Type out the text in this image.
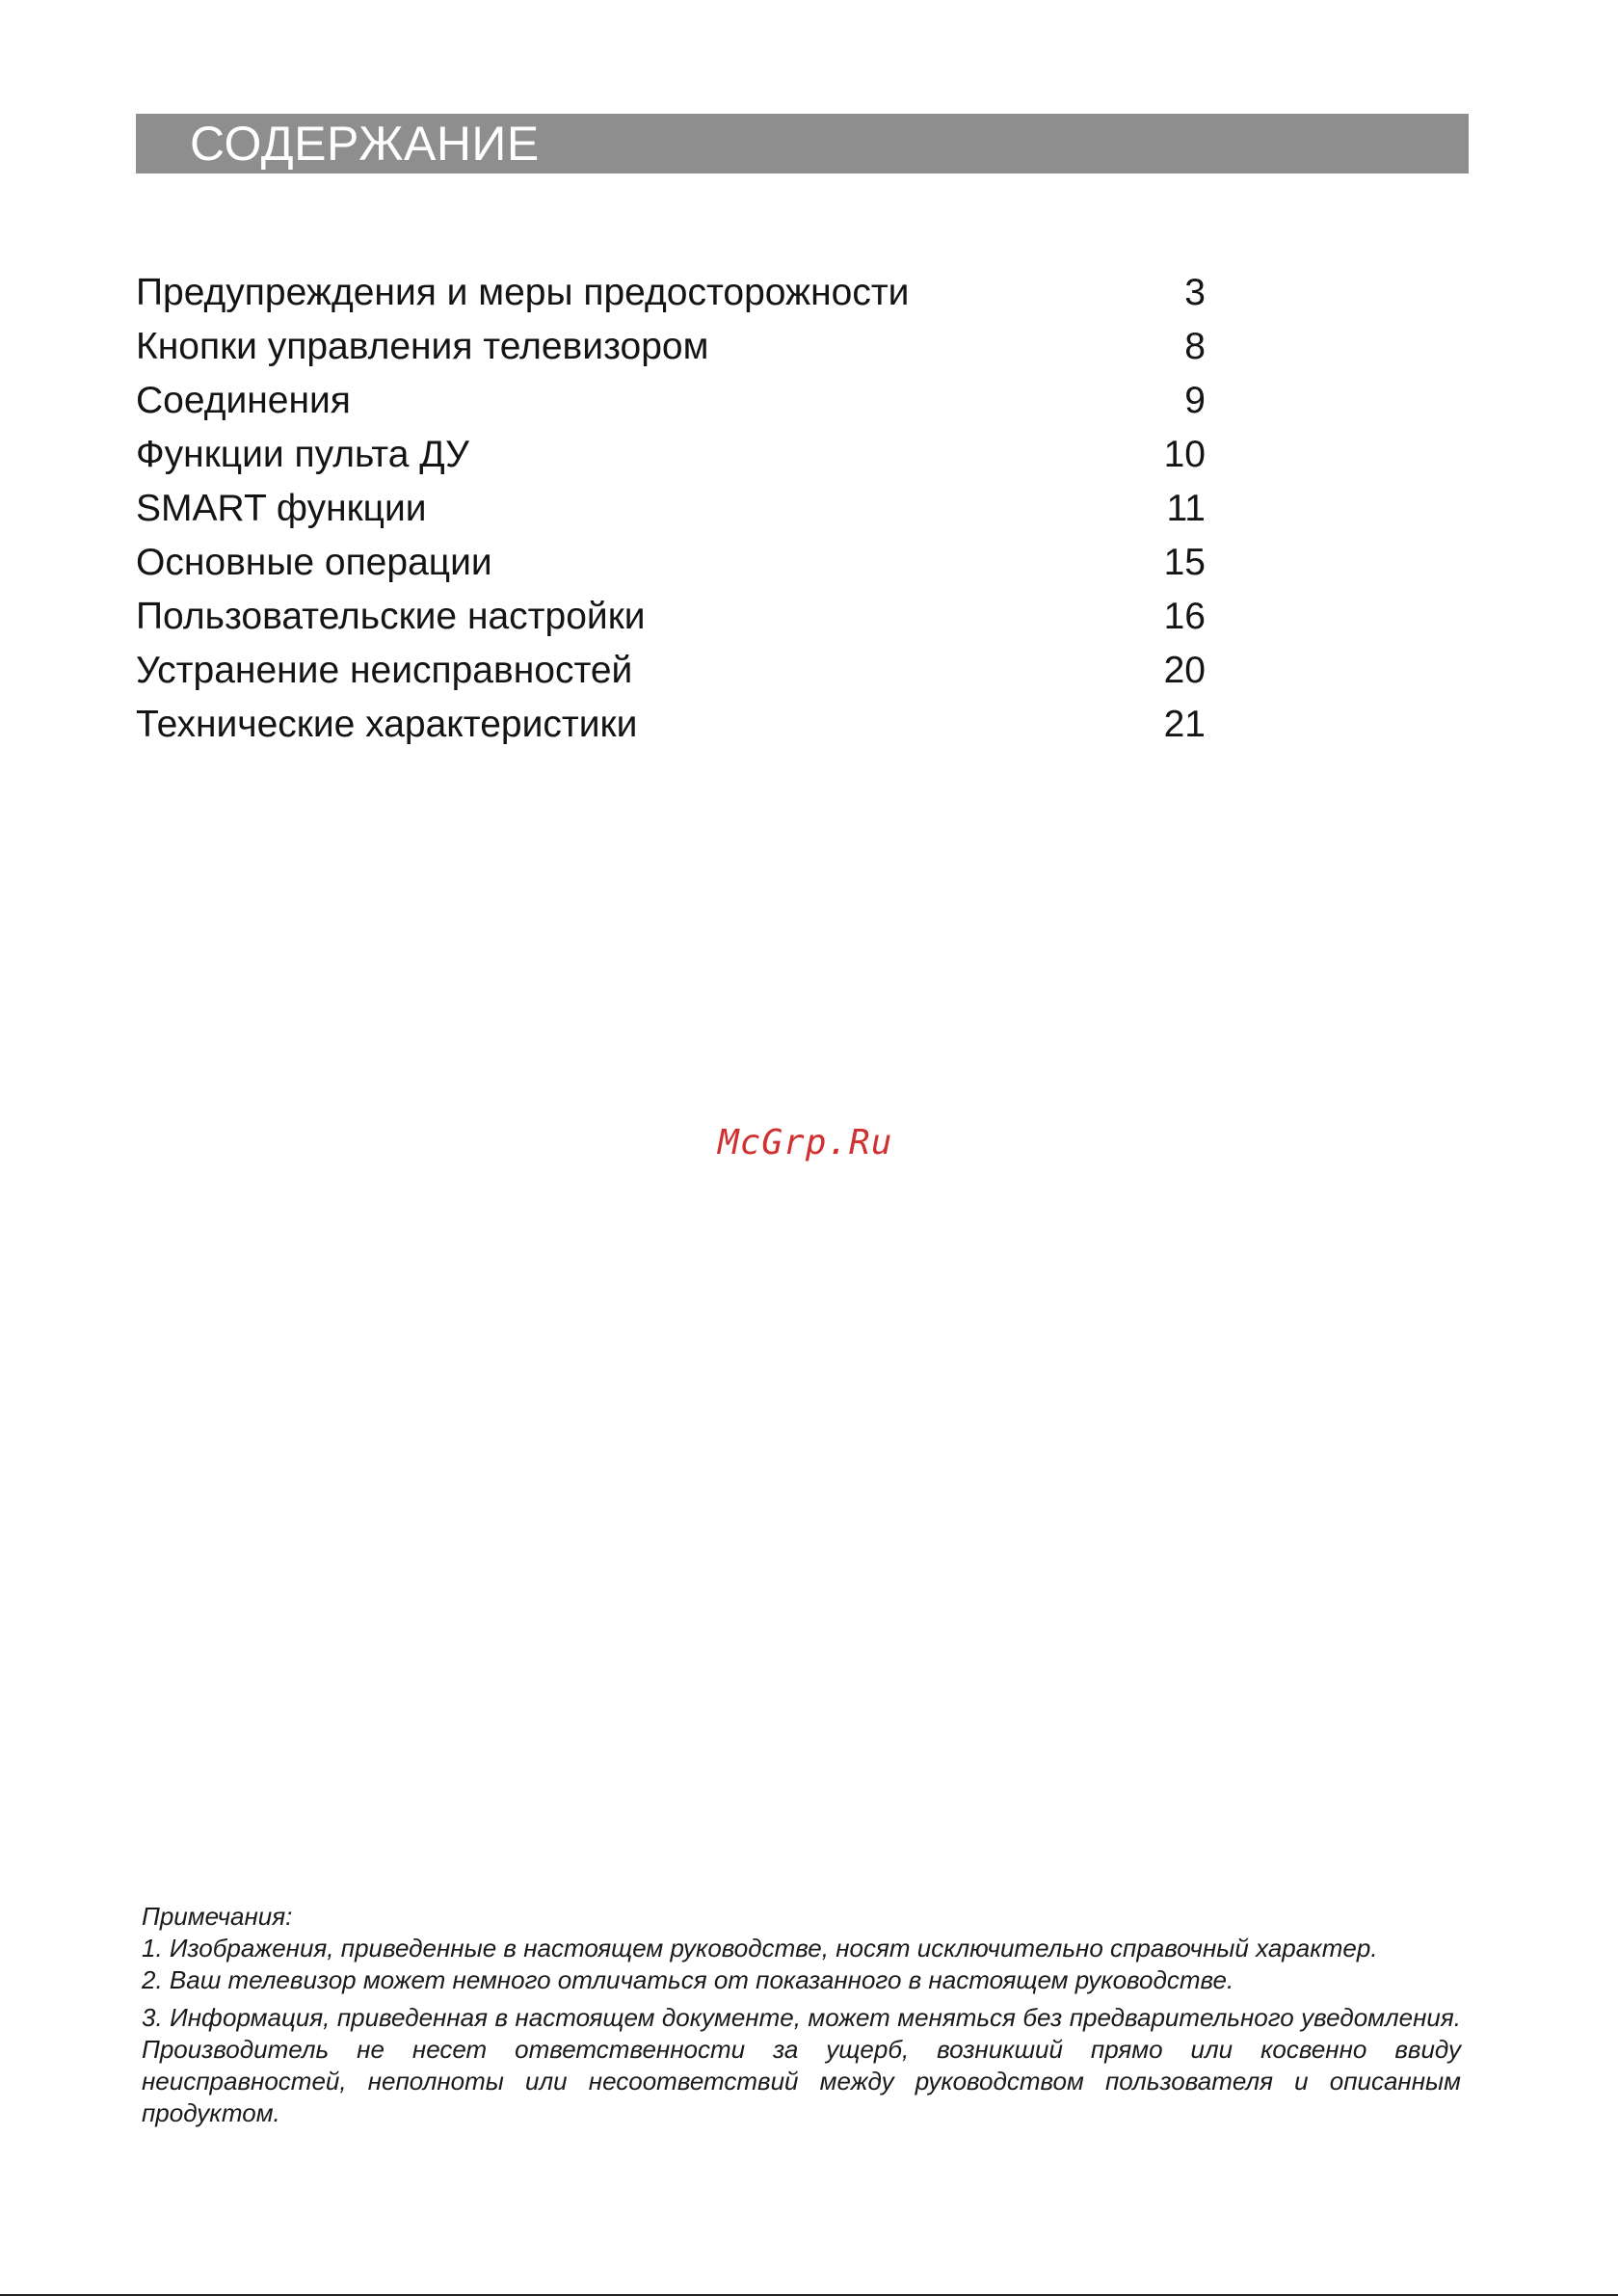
СОДЕРЖАНИЕ
Предупреждения и меры предосторожности	3
Кнопки управления телевизором	8
Соединения	9
Функции пульта ДУ	10
SMART функции	11
Основные операции	15
Пользовательские настройки	16
Устранение неисправностей	20
Технические характеристики	21
McGrp.Ru

Примечания:

1. Изображения, приведенные в настоящем руководстве, носят исключительно справочный характер.

2. Ваш телевизор может немного отличаться от показанного в настоящем руководстве.

3. Информация, приведенная в настоящем документе, может меняться без предварительного уведомления. Производитель не несет ответственности за ущерб, возникший прямо или косвенно ввиду неисправностей, неполноты или несоответствий между руководством пользователя и описанным продуктом.
